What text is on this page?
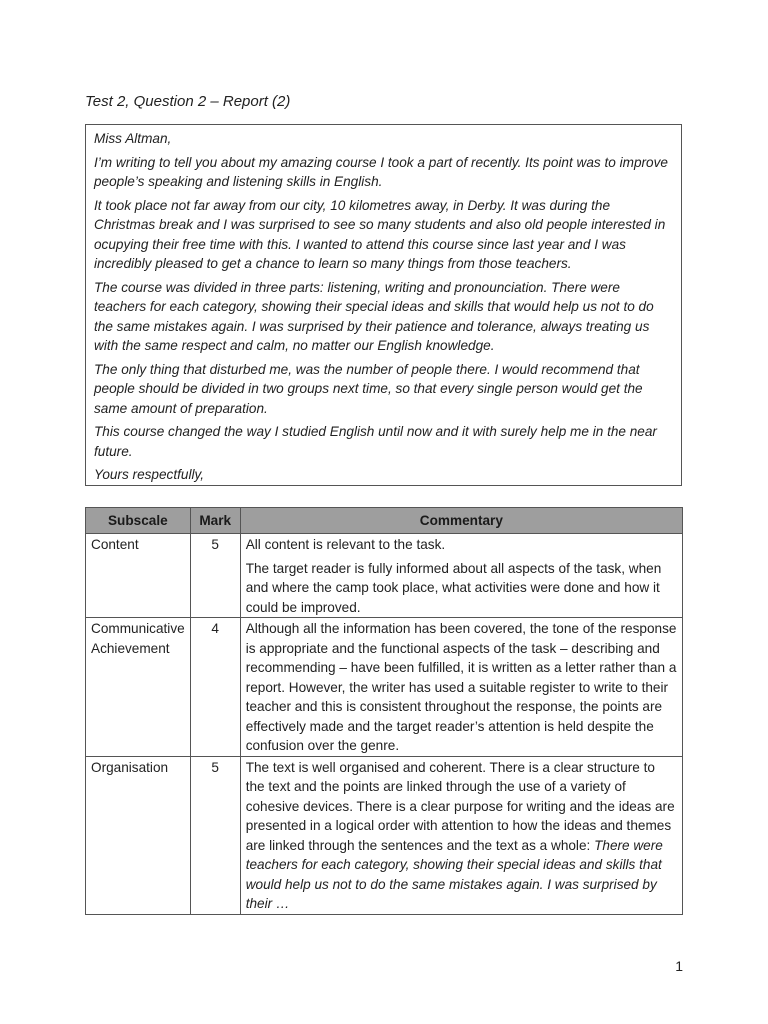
Test 2, Question 2 – Report (2)

Miss Altman,

I’m writing to tell you about my amazing course I took a part of recently. Its point was to improve people’s speaking and listening skills in English.

It took place not far away from our city, 10 kilometres away, in Derby. It was during the Christmas break and I was surprised to see so many students and also old people interested in ocupying their free time with this. I wanted to attend this course since last year and I was incredibly pleased to get a chance to learn so many things from those teachers.

The course was divided in three parts: listening, writing and pronounciation. There were teachers for each category, showing their special ideas and skills that would help us not to do the same mistakes again. I was surprised by their patience and tolerance, always treating us with the same respect and calm, no matter our English knowledge.

The only thing that disturbed me, was the number of people there. I would recommend that people should be divided in two groups next time, so that every single person would get the same amount of preparation.

This course changed the way I studied English until now and it with surely help me in the near future.

Yours respectfully,

Subscale	Mark	Commentary
Content	5	All content is relevant to the task.

The target reader is fully informed about all aspects of the task, when and where the camp took place, what activities were done and how it could be improved.

Communicative Achievement	4	Although all the information has been covered, the tone of the response is appropriate and the functional aspects of the task – describing and recommending – have been fulfilled, it is written as a letter rather than a report. However, the writer has used a suitable register to write to their teacher and this is consistent throughout the response, the points are effectively made and the target reader’s attention is held despite the confusion over the genre.

Organisation	5	The text is well organised and coherent. There is a clear structure to the text and the points are linked through the use of a variety of cohesive devices. There is a clear purpose for writing and the ideas are presented in a logical order with attention to how the ideas and themes are linked through the sentences and the text as a whole: There were teachers for each category, showing their special ideas and skills that would help us not to do the same mistakes again. I was surprised by their …

1
